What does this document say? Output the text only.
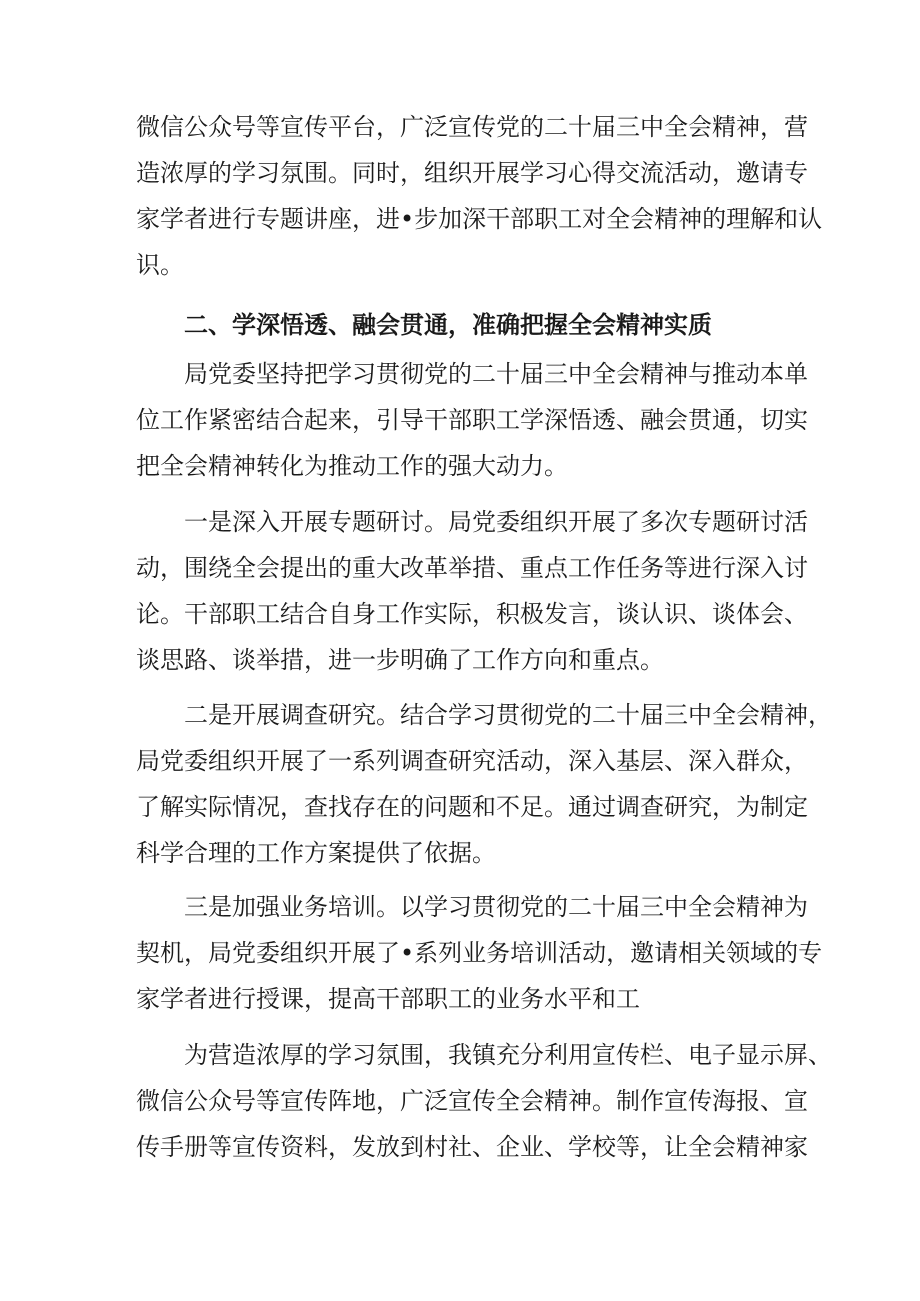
微信公众号等宣传平台，广泛宣传党的二十届三中全会精神，营
造浓厚的学习氛围。同时，组织开展学习心得交流活动，邀请专
家学者进行专题讲座，进•步加深干部职工对全会精神的理解和认
识。

二、学深悟透、融会贯通，准确把握全会精神实质

局党委坚持把学习贯彻党的二十届三中全会精神与推动本单
位工作紧密结合起来，引导干部职工学深悟透、融会贯通，切实
把全会精神转化为推动工作的强大动力。

一是深入开展专题研讨。局党委组织开展了多次专题研讨活
动，围绕全会提出的重大改革举措、重点工作任务等进行深入讨
论。干部职工结合自身工作实际，积极发言，谈认识、谈体会、
谈思路、谈举措，进一步明确了工作方向和重点。

二是开展调查研究。结合学习贯彻党的二十届三中全会精神，
局党委组织开展了一系列调查研究活动，深入基层、深入群众，
了解实际情况，查找存在的问题和不足。通过调查研究，为制定
科学合理的工作方案提供了依据。

三是加强业务培训。以学习贯彻党的二十届三中全会精神为
契机，局党委组织开展了•系列业务培训活动，邀请相关领域的专
家学者进行授课，提高干部职工的业务水平和工

为营造浓厚的学习氛围，我镇充分利用宣传栏、电子显示屏、
微信公众号等宣传阵地，广泛宣传全会精神。制作宣传海报、宣
传手册等宣传资料，发放到村社、企业、学校等，让全会精神家
